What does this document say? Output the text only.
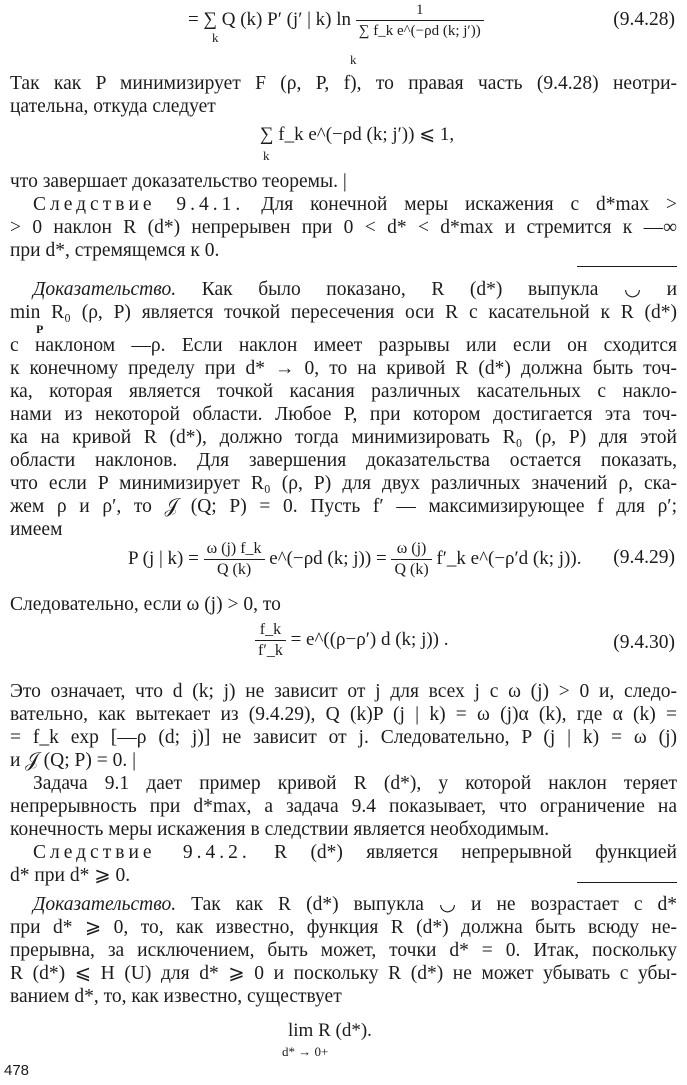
= ∑ Q (k) P′ (j′ | k) $\ln \frac{1}{\text{∑ f\_k e\textasciicircum{}(−ρd (k; j′))}}$
k
k
(9.4.28)
Так как P минимизирует F (ρ, P, f), то правая часть (9.4.28) неотри-
цательна, откуда следует
∑ f_k e^(−ρd (k; j′)) ⩽ 1,
k
что завершает доказательство теоремы. |
Следствие 9.4.1. Для конечной меры искажения с d*max >
> 0 наклон R (d*) непрерывен при 0 < d* < d*max и стремится к —∞
при d*, стремящемся к 0.
Доказательство. Как было показано, R (d*) выпукла ◡ и
min R₀ (ρ, P) является точкой пересечения оси R с касательной к R (d*)
P
с наклоном —ρ. Если наклон имеет разрывы или если он сходится
к конечному пределу при d* → 0, то на кривой R (d*) должна быть точ-
ка, которая является точкой касания различных касательных с накло-
нами из некоторой области. Любое P, при котором достигается эта точ-
ка на кривой R (d*), должно тогда минимизировать R₀ (ρ, P) для этой
области наклонов. Для завершения доказательства остается показать,
что если P минимизирует R₀ (ρ, P) для двух различных значений ρ, ска-
жем ρ и ρ′, то 𝒥 (Q; P) = 0. Пусть f′ — максимизирующее f для ρ′;
имеем
P (j | $k) = \frac{\omega (j) f\_k}{Q (k)}$ e^(−ρd (k; $j)) = \frac{\omega (j)}{Q (k)}$ f′_k e^(−ρ′d (k; j)). (9.4.29)
Следовательно, если ω (j) > 0, то
$\frac{f\_k}{f'\_k}$ = e^((ρ−ρ′) d (k; j)) .	(9.4.30)
Это означает, что d (k; j) не зависит от j для всех j с ω (j) > 0 и, следо-
вательно, как вытекает из (9.4.29), Q (k)P (j | k) = ω (j)α (k), где α (k) =
= f_k exp [—ρ (d; j)] не зависит от j. Следовательно, P (j | k) = ω (j)
и 𝒥 (Q; P) = 0. |
Задача 9.1 дает пример кривой R (d*), у которой наклон теряет
непрерывность при d*max, а задача 9.4 показывает, что ограничение на
конечность меры искажения в следствии является необходимым.
Следствие 9.4.2. R (d*) является непрерывной функцией
d* при d* ⩾ 0.
Доказательство. Так как R (d*) выпукла ◡ и не возрастает с d*
при d* ⩾ 0, то, как известно, функция R (d*) должна быть всюду не-
прерывна, за исключением, быть может, точки d* = 0. Итак, поскольку
R (d*) ⩽ H (U) для d* ⩾ 0 и поскольку R (d*) не может убывать с убы-
ванием d*, то, как известно, существует
lim R (d*).
d* → 0+
478
